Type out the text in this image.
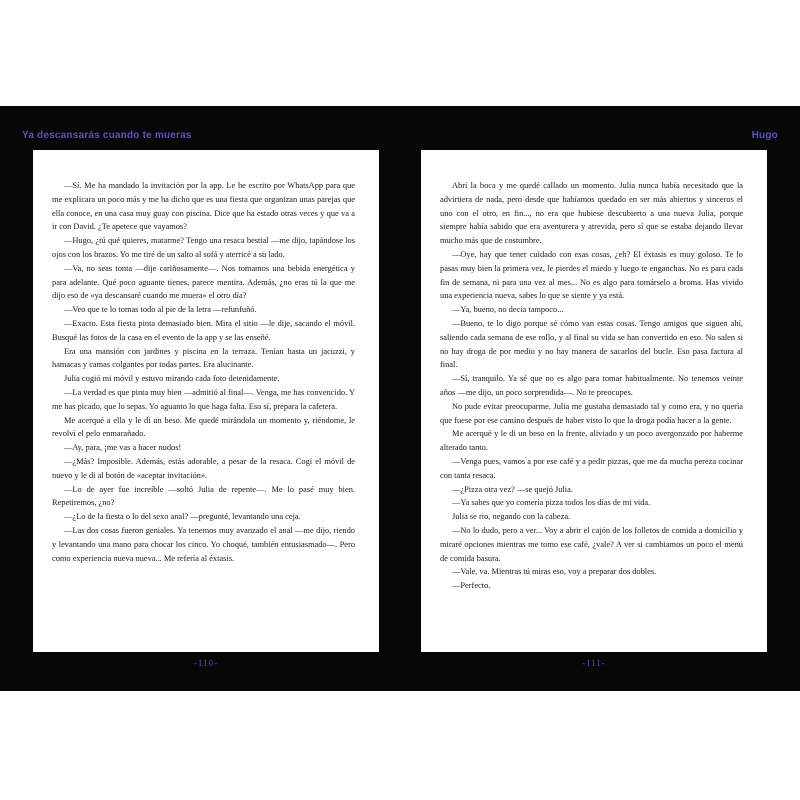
Ya descansarás cuando te mueras	Hugo

—Sí. Me ha mandado la invitación por la app. Le he escrito por WhatsApp para que me explicara un poco más y me ha dicho que es una fiesta que organizan unas parejas que ella conoce, en una casa muy guay con piscina. Dice que ha estado otras veces y que va a ir con David. ¿Te apetece que vayamos?

—Hugo, ¿tú qué quieres, matarme? Tengo una resaca bestial —me dijo, tapándose los ojos con los brazos. Yo me tiré de un salto al sofá y aterricé a su lado.

—Va, no seas tonta —dije cariñosamente—. Nos tomamos una bebida energética y para adelante. Qué poco aguante tienes, parece mentira. Además, ¿no eras tú la que me dijo eso de «ya descansaré cuando me muera» el otro día?

—Veo que te lo tomas todo al pie de la letra —refunfuñó.

—Exacto. Esta fiesta pinta demasiado bien. Mira el sitio —le dije, sacando el móvil. Busqué las fotos de la casa en el evento de la app y se las enseñé.

Era una mansión con jardines y piscina en la terraza. Tenían hasta un jacuzzi, y hamacas y camas colgantes por todas partes. Era alucinante.

Julia cogió mi móvil y estuvo mirando cada foto detenidamente.

—La verdad es que pinta muy bien —admitió al final—. Venga, me has convencido. Y me has picado, que lo sepas. Yo aguanto lo que haga falta. Eso sí, prepara la cafetera.

Me acerqué a ella y le di un beso. Me quedé mirándola un momento y, riéndome, le revolví el pelo enmarañado.

—Ay, para, ¡me vas a hacer nudos!

—¿Más? Imposible. Además, estás adorable, a pesar de la resaca. Cogí el móvil de nuevo y le di al botón de «aceptar invitación».

—Lo de ayer fue increíble —soltó Julia de repente—. Me lo pasé muy bien. Repetiremos, ¿no?

—¿Lo de la fiesta o lo del sexo anal? —pregunté, levantando una ceja.

—Las dos cosas fueron geniales. Ya tenemos muy avanzado el anal —me dijo, riendo y levantando una mano para chocar los cinco. Yo choqué, también entusiasmado—. Pero como experiencia nueva nueva... Me refería al éxtasis.

Abrí la boca y me quedé callado un momento. Julia nunca había necesitado que la advirtiera de nada, pero desde que habíamos quedado en ser más abiertos y sinceros el uno con el otro, en fin..., no era que hubiese descubierto a una nueva Julia, porque siempre había sabido que era aventurera y atrevida, pero sí que se estaba dejando llevar mucho más que de costumbre.

—Oye, hay que tener cuidado con esas cosas, ¿eh? El éxtasis es muy goloso. Te lo pasas muy bien la primera vez, le pierdes el miedo y luego te enganchas. No es para cada fin de semana, ni para una vez al mes... No es algo para tomárselo a broma. Has vivido una experiencia nueva, sabes lo que se siente y ya está.

—Ya, bueno, no decía tampoco...

—Bueno, te lo digo porque sé cómo van estas cosas. Tengo amigos que siguen ahí, saliendo cada semana de ese rollo, y al final su vida se han convertido en eso. No salen si no hay droga de por medio y no hay manera de sacarlos del bucle. Eso pasa factura al final.

—Sí, tranquilo. Ya sé que no es algo para tomar habitualmente. No tenemos veinte años —me dijo, un poco sorprendida—. No te preocupes.

No pude evitar preocuparme. Julia me gustaba demasiado tal y como era, y no quería que fuese por ese camino después de haber visto lo que la droga podía hacer a la gente.

Me acerqué y le di un beso en la frente, aliviado y un poco avergonzado por haberme alterado tanto.

—Venga pues, vamos a por ese café y a pedir pizzas, que me da mucha pereza cocinar con tanta resaca.

—¿Pizza otra vez? —se quejó Julia.

—Ya sabes que yo comería pizza todos los días de mi vida.

Julia se rio, negando con la cabeza.

—No lo dudo, pero a ver... Voy a abrir el cajón de los folletos de comida a domicilio y miraré opciones mientras me tomo ese café, ¿vale? A ver si cambiamos un poco el menú de comida basura.

—Vale, va. Mientras tú miras eso, voy a preparar dos dobles.

—Perfecto.

-110-	-111-
